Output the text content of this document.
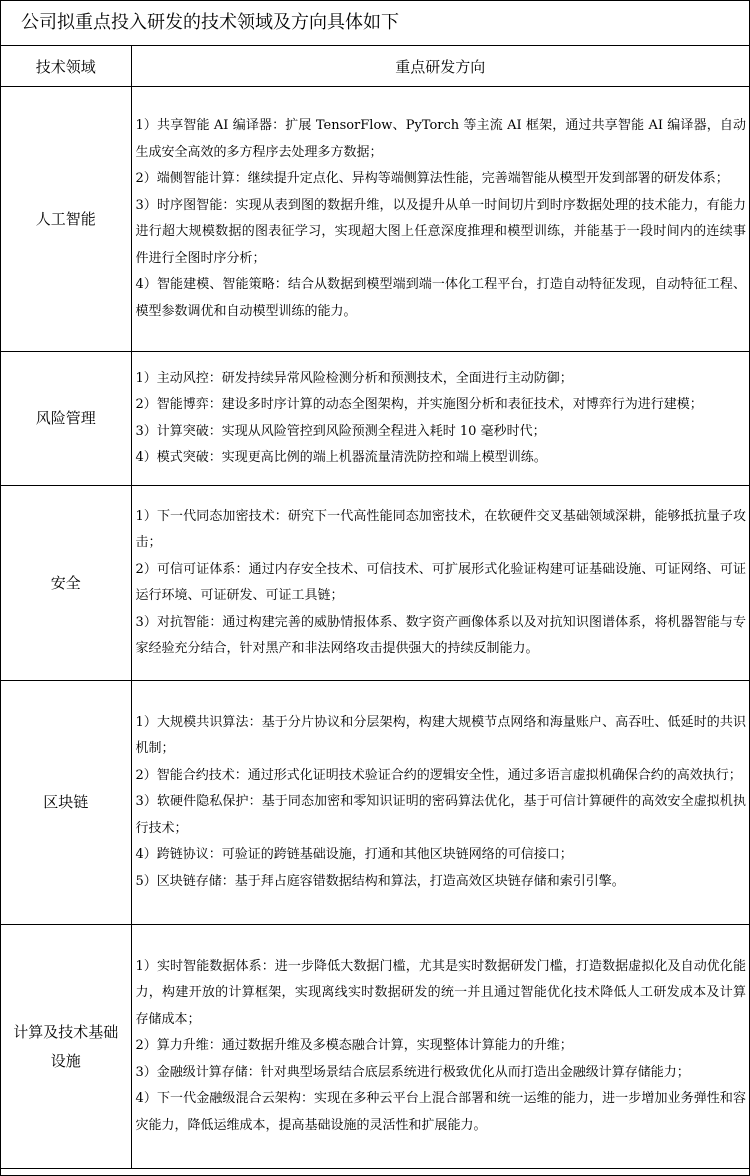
公司拟重点投入研发的技术领域及方向具体如下
技术领域	重点研发方向
人工智能	1）共享智能 AI 编译器：扩展 TensorFlow、PyTorch 等主流 AI 框架，通过共享智能 AI 编译器，自动生成安全高效的多方程序去处理多方数据；
2）端侧智能计算：继续提升定点化、异构等端侧算法性能，完善端智能从模型开发到部署的研发体系；
3）时序图智能：实现从表到图的数据升维，以及提升从单一时间切片到时序数据处理的技术能力，有能力进行超大规模数据的图表征学习，实现超大图上任意深度推理和模型训练，并能基于一段时间内的连续事件进行全图时序分析；
4）智能建模、智能策略：结合从数据到模型端到端一体化工程平台，打造自动特征发现，自动特征工程、模型参数调优和自动模型训练的能力。

风险管理	1）主动风控：研发持续异常风险检测分析和预测技术，全面进行主动防御；
2）智能博弈：建设多时序计算的动态全图架构，并实施图分析和表征技术，对博弈行为进行建模；
3）计算突破：实现从风险管控到风险预测全程进入耗时 10 毫秒时代；
4）模式突破：实现更高比例的端上机器流量清洗防控和端上模型训练。

安全	1）下一代同态加密技术：研究下一代高性能同态加密技术，在软硬件交叉基础领域深耕，能够抵抗量子攻击；
2）可信可证体系：通过内存安全技术、可信技术、可扩展形式化验证构建可证基础设施、可证网络、可证运行环境、可证研发、可证工具链；
3）对抗智能：通过构建完善的威胁情报体系、数字资产画像体系以及对抗知识图谱体系，将机器智能与专家经验充分结合，针对黑产和非法网络攻击提供强大的持续反制能力。

区块链	1）大规模共识算法：基于分片协议和分层架构，构建大规模节点网络和海量账户、高吞吐、低延时的共识机制；
2）智能合约技术：通过形式化证明技术验证合约的逻辑安全性，通过多语言虚拟机确保合约的高效执行；
3）软硬件隐私保护：基于同态加密和零知识证明的密码算法优化，基于可信计算硬件的高效安全虚拟机执行技术；
4）跨链协议：可验证的跨链基础设施，打通和其他区块链网络的可信接口；
5）区块链存储：基于拜占庭容错数据结构和算法，打造高效区块链存储和索引引擎。

计算及技术基础设施	1）实时智能数据体系：进一步降低大数据门槛，尤其是实时数据研发门槛，打造数据虚拟化及自动优化能力，构建开放的计算框架，实现离线实时数据研发的统一并且通过智能优化技术降低人工研发成本及计算存储成本；
2）算力升维：通过数据升维及多模态融合计算，实现整体计算能力的升维；
3）金融级计算存储：针对典型场景结合底层系统进行极致优化从而打造出金融级计算存储能力；
4）下一代金融级混合云架构：实现在多种云平台上混合部署和统一运维的能力，进一步增加业务弹性和容灾能力，降低运维成本，提高基础设施的灵活性和扩展能力。
